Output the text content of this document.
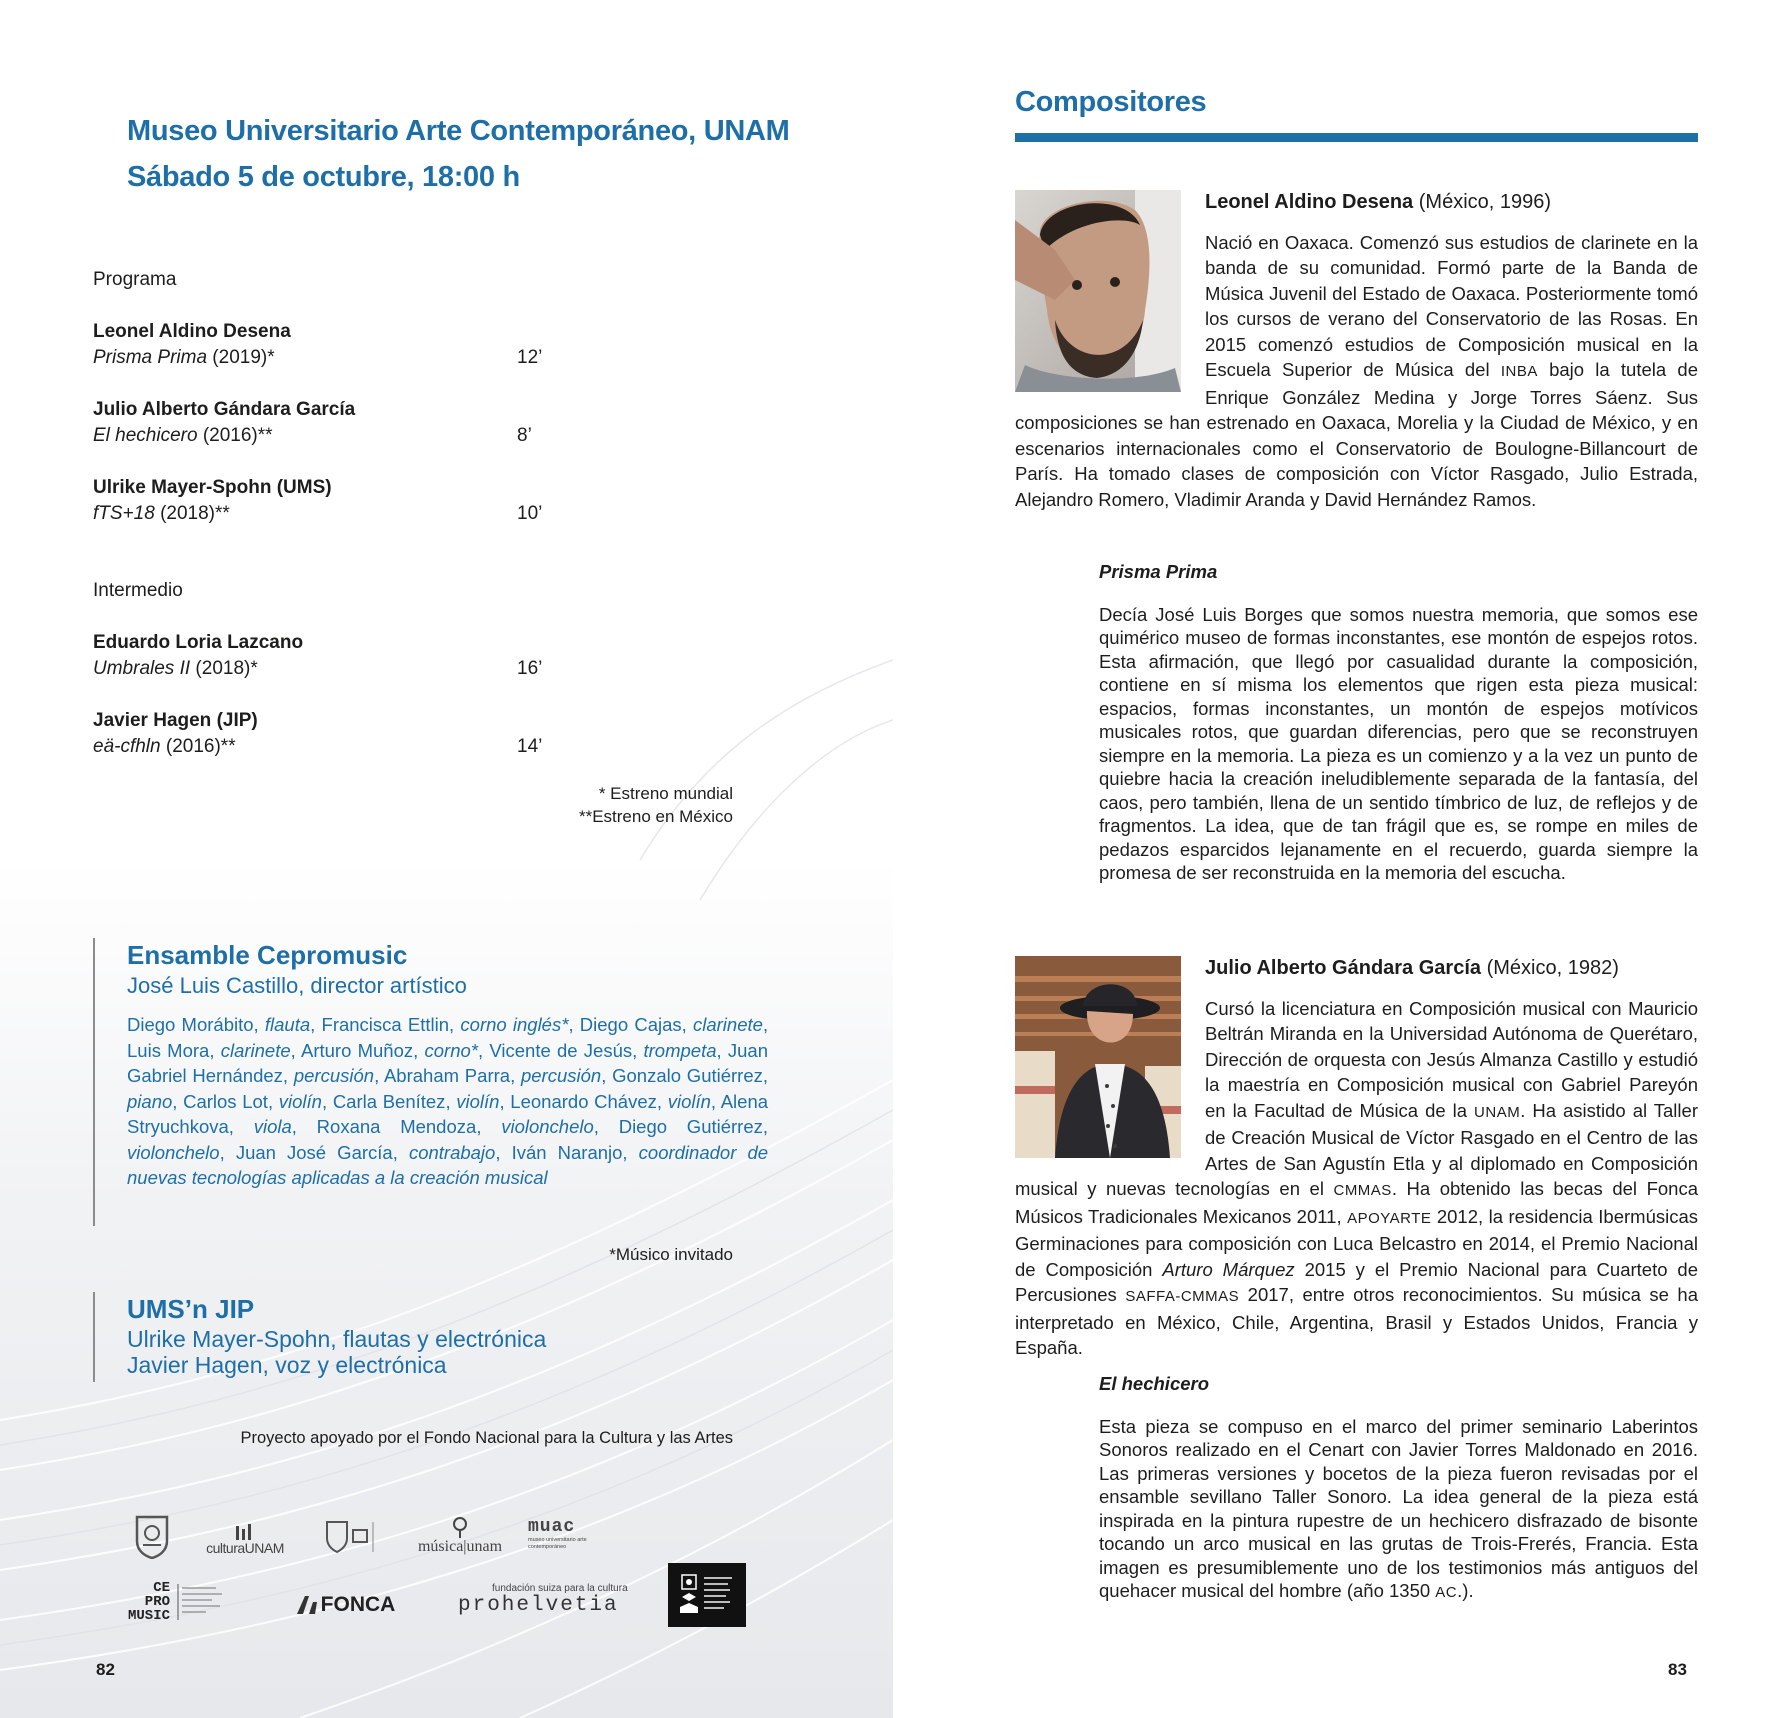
Museo Universitario Arte Contemporáneo, UNAM
Sábado 5 de octubre, 18:00 h
Programa
Leonel Aldino Desena
Prisma Prima (2019)*	12’
Julio Alberto Gándara García
El hechicero (2016)**	8’
Ulrike Mayer-Spohn (UMS)
fTS+18 (2018)**	10’
Intermedio
Eduardo Loria Lazcano
Umbrales II (2018)*	16’
Javier Hagen (JIP)
eä-cfhln (2016)**	14’
* Estreno mundial
**Estreno en México
Ensamble Cepromusic
José Luis Castillo, director artístico
Diego Morábito, flauta, Francisca Ettlin, corno inglés*, Diego Cajas, clarinete, Luis Mora, clarinete, Arturo Muñoz, corno*, Vicente de Jesús, trompeta, Juan Gabriel Hernández, percusión, Abraham Parra, percusión, Gonzalo Gutiérrez, piano, Carlos Lot, violín, Carla Benítez, violín, Leonardo Chávez, violín, Alena Stryuchkova, viola, Roxana Mendoza, violonchelo, Diego Gutiérrez, violonchelo, Juan José García, contrabajo, Iván Naranjo, coordinador de nuevas tecnologías aplicadas a la creación musical
*Músico invitado
UMS’n JIP
Ulrike Mayer-Spohn, flautas y electrónica
Javier Hagen, voz y electrónica
Proyecto apoyado por el Fondo Nacional para la Cultura y las Artes
culturaUNAM	música|unam
muac
museo universitario arte contemporáneo
CE
PRO
MUSIC	FONCA
fundación suiza para la cultura
prohelvetia
82
Compositores
Leonel Aldino Desena (México, 1996)
Nació en Oaxaca. Comenzó sus estudios de clarinete en la banda de su comunidad. Formó parte de la Banda de Música Juvenil del Estado de Oaxaca. Posteriormente tomó los cursos de verano del Conservatorio de las Rosas. En 2015 comenzó estudios de Composición musical en la Escuela Superior de Música del INBA bajo la tutela de Enrique González Medina y Jorge Torres Sáenz. Sus composiciones se han estrenado en Oaxaca, Morelia y la Ciudad de México, y en escenarios internacionales como el Conservatorio de Boulogne-Billancourt de París. Ha tomado clases de composición con Víctor Rasgado, Julio Estrada, Alejandro Romero, Vladimir Aranda y David Hernández Ramos.
Prisma Prima
Decía José Luis Borges que somos nuestra memoria, que somos ese quimérico museo de formas inconstantes, ese montón de espejos rotos. Esta afirmación, que llegó por casualidad durante la composición, contiene en sí misma los elementos que rigen esta pieza musical: espacios, formas inconstantes, un montón de espejos motívicos musicales rotos, que guardan diferencias, pero que se reconstruyen siempre en la memoria. La pieza es un comienzo y a la vez un punto de quiebre hacia la creación ineludiblemente separada de la fantasía, del caos, pero también, llena de un sentido tímbrico de luz, de reflejos y de fragmentos. La idea, que de tan frágil que es, se rompe en miles de pedazos esparcidos lejanamente en el recuerdo, guarda siempre la promesa de ser reconstruida en la memoria del escucha.
Julio Alberto Gándara García (México, 1982)
Cursó la licenciatura en Composición musical con Mauricio Beltrán Miranda en la Universidad Autónoma de Querétaro, Dirección de orquesta con Jesús Almanza Castillo y estudió la maestría en Composición musical con Gabriel Pareyón en la Facultad de Música de la UNAM. Ha asistido al Taller de Creación Musical de Víctor Rasgado en el Centro de las Artes de San Agustín Etla y al diplomado en Composición musical y nuevas tecnologías en el CMMAS. Ha obtenido las becas del Fonca Músicos Tradicionales Mexicanos 2011, APOYARTE 2012, la residencia Ibermúsicas Germinaciones para composición con Luca Belcastro en 2014, el Premio Nacional de Composición Arturo Márquez 2015 y el Premio Nacional para Cuarteto de Percusiones SAFFA-CMMAS 2017, entre otros reconocimientos. Su música se ha interpretado en México, Chile, Argentina, Brasil y Estados Unidos, Francia y España.
El hechicero
Esta pieza se compuso en el marco del primer seminario Laberintos Sonoros realizado en el Cenart con Javier Torres Maldonado en 2016. Las primeras versiones y bocetos de la pieza fueron revisadas por el ensamble sevillano Taller Sonoro. La idea general de la pieza está inspirada en la pintura rupestre de un hechicero disfrazado de bisonte tocando un arco musical en las grutas de Trois-Frerés, Francia. Esta imagen es presumiblemente uno de los testimonios más antiguos del quehacer musical del hombre (año 1350 AC.).
83
